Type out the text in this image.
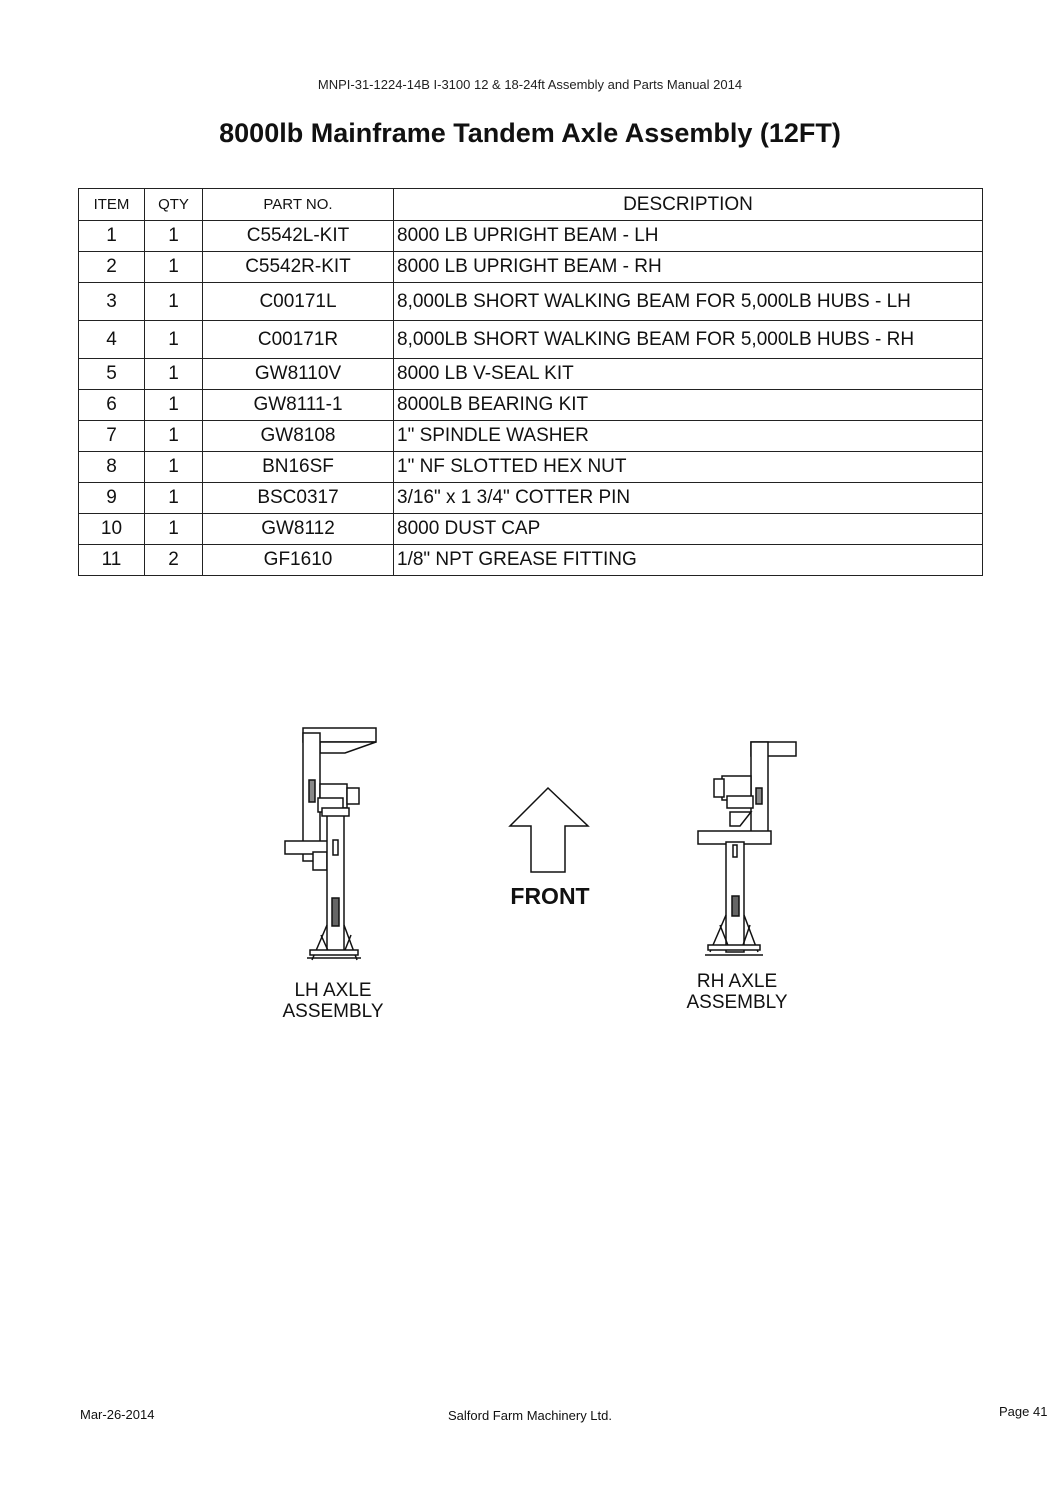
MNPI-31-1224-14B I-3100 12 & 18-24ft Assembly and Parts Manual 2014
8000lb Mainframe Tandem Axle Assembly (12FT)
ITEM	QTY	PART NO.	DESCRIPTION
1	1	C5542L-KIT	8000 LB UPRIGHT BEAM - LH
2	1	C5542R-KIT	8000 LB UPRIGHT BEAM - RH
3	1	C00171L	8,000LB SHORT WALKING BEAM FOR 5,000LB HUBS - LH
4	1	C00171R	8,000LB SHORT WALKING BEAM FOR 5,000LB HUBS - RH
5	1	GW8110V	8000 LB V-SEAL KIT
6	1	GW8111-1	8000LB BEARING KIT
7	1	GW8108	1" SPINDLE WASHER
8	1	BN16SF	1" NF SLOTTED HEX NUT
9	1	BSC0317	3/16" x 1 3/4" COTTER PIN
10	1	GW8112	8000 DUST CAP
11	2	GF1610	1/8" NPT GREASE FITTING
FRONT
LH AXLE
ASSEMBLY
RH AXLE
ASSEMBLY
Mar-26-2014	Salford Farm Machinery Ltd.	Page 41
